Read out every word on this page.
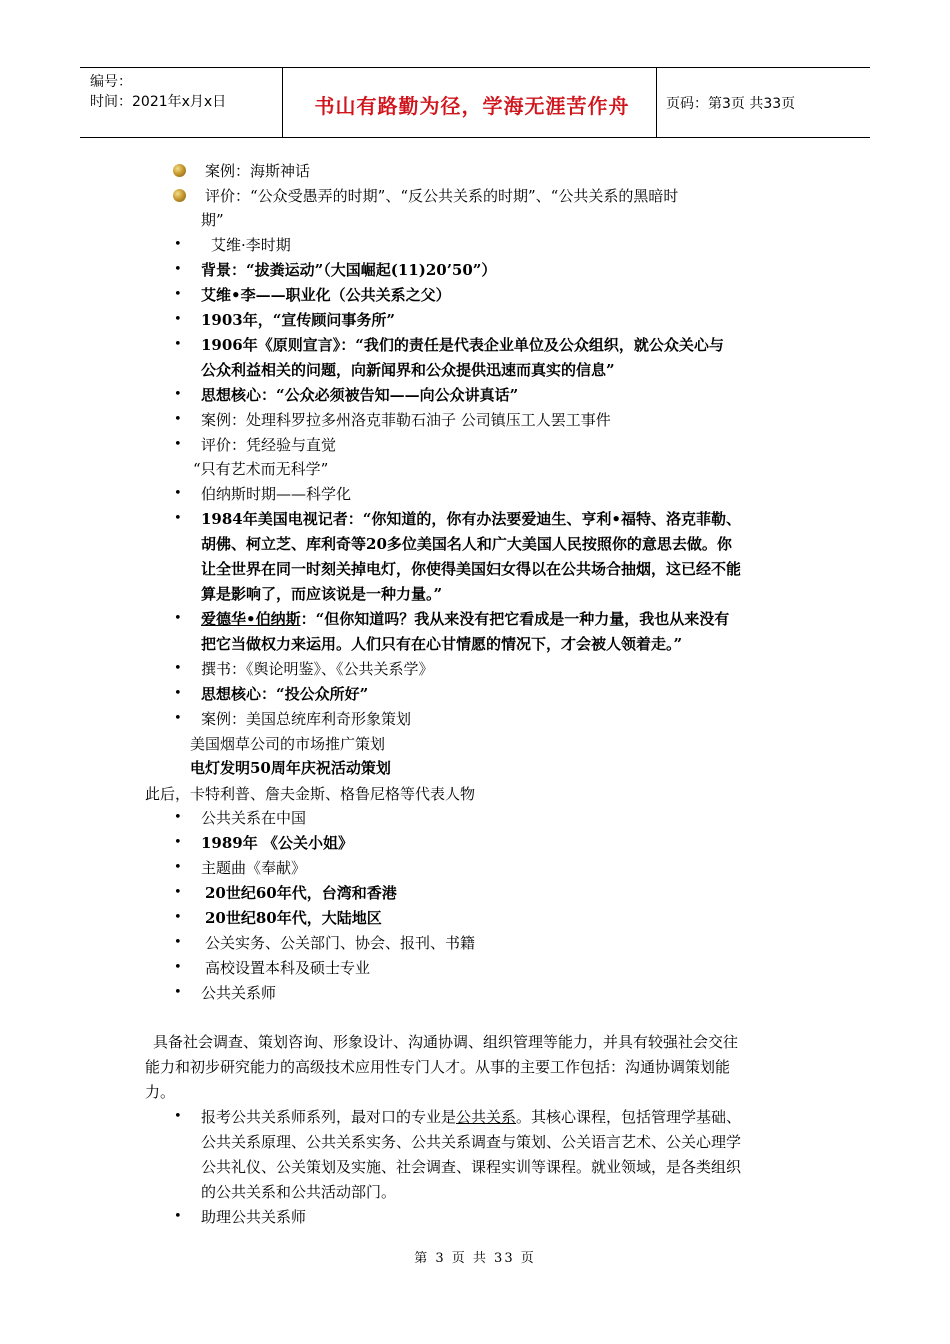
编号：
时间：2021年x月x日	书山有路勤为径，学海无涯苦作舟	页码：第3页 共33页
案例：海斯神话
评价：“公众受愚弄的时期”、“反公共关系的时期”、“公共关系的黑暗时
期”
• 艾维·李时期
• 背景：“拔粪运动”（大国崛起(11)20’50”）
• 艾维•李——职业化（公共关系之父）
• 1903年，“宣传顾问事务所”
• 1906年《原则宣言》：“我们的责任是代表企业单位及公众组织，就公众关心与
公众利益相关的问题，向新闻界和公众提供迅速而真实的信息”
• 思想核心：“公众必须被告知——向公众讲真话”
• 案例：处理科罗拉多州洛克菲勒石油子 公司镇压工人罢工事件
• 评价：凭经验与直觉
“只有艺术而无科学”
• 伯纳斯时期——科学化
• 1984年美国电视记者：“你知道的，你有办法要爱迪生、亨利•福特、洛克菲勒、
胡佛、柯立芝、库利奇等20多位美国名人和广大美国人民按照你的意思去做。你
让全世界在同一时刻关掉电灯，你使得美国妇女得以在公共场合抽烟，这已经不能
算是影响了，而应该说是一种力量。”
• 爱德华•伯纳斯：“但你知道吗？我从来没有把它看成是一种力量，我也从来没有
把它当做权力来运用。人们只有在心甘情愿的情况下，才会被人领着走。”
• 撰书：《舆论明鉴》、《公共关系学》
• 思想核心：“投公众所好”
• 案例：美国总统库利奇形象策划
美国烟草公司的市场推广策划
电灯发明50周年庆祝活动策划
此后，卡特利普、詹夫金斯、格鲁尼格等代表人物
• 公共关系在中国
• 1989年 《公关小姐》
• 主题曲《奉献》
• 20世纪60年代，台湾和香港
• 20世纪80年代，大陆地区
• 公关实务、公关部门、协会、报刊、书籍
• 高校设置本科及硕士专业
• 公共关系师
具备社会调查、策划咨询、形象设计、沟通协调、组织管理等能力，并具有较强社会交往
能力和初步研究能力的高级技术应用性专门人才。从事的主要工作包括：沟通协调策划能
力。
• 报考公共关系师系列，最对口的专业是公共关系。其核心课程，包括管理学基础、
公共关系原理、公共关系实务、公共关系调查与策划、公关语言艺术、公关心理学
公共礼仪、公关策划及实施、社会调查、课程实训等课程。就业领域，是各类组织
的公共关系和公共活动部门。
• 助理公共关系师
第 3 页 共 33 页
